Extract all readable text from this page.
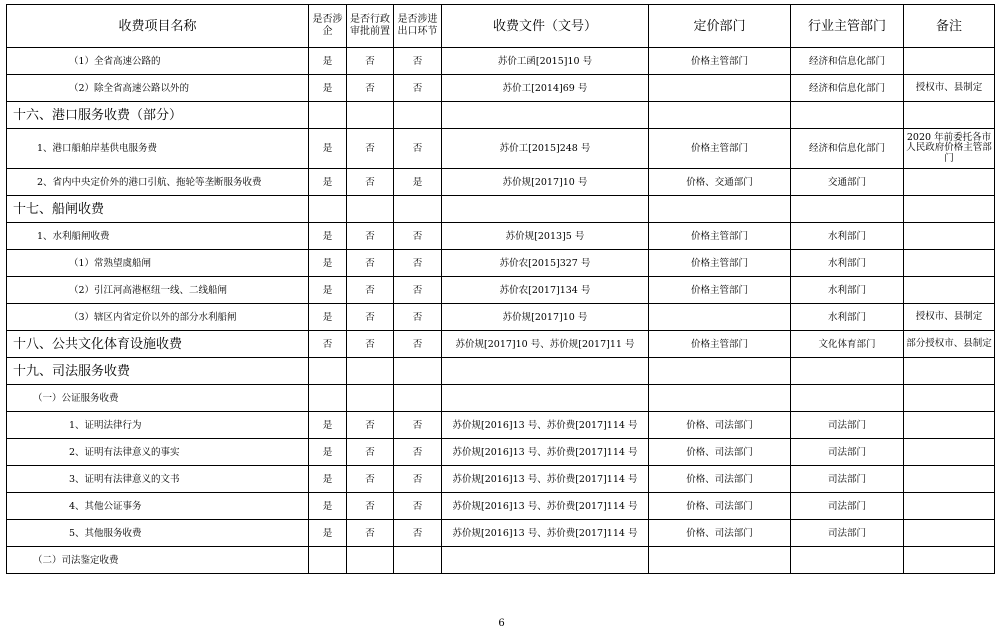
收费项目名称	是否涉企	是否行政审批前置	是否涉进出口环节	收费文件（文号）	定价部门	行业主管部门	备注
（1）全省高速公路的	是	否	否	苏价工函[2015]10 号	价格主管部门	经济和信息化部门	
（2）除全省高速公路以外的	是	否	否	苏价工[2014]69 号		经济和信息化部门	授权市、县制定
十六、港口服务收费（部分）							
1、港口船舶岸基供电服务费	是	否	否	苏价工[2015]248 号	价格主管部门	经济和信息化部门	2020 年前委托各市人民政府价格主管部门
2、省内中央定价外的港口引航、拖轮等垄断服务收费	是	否	是	苏价规[2017]10 号	价格、交通部门	交通部门	
十七、船闸收费							
1、水利船闸收费	是	否	否	苏价规[2013]5 号	价格主管部门	水利部门	
（1）常熟望虞船闸	是	否	否	苏价农[2015]327 号	价格主管部门	水利部门	
（2）引江河高港枢纽一线、二线船闸	是	否	否	苏价农[2017]134 号	价格主管部门	水利部门	
（3）辖区内省定价以外的部分水利船闸	是	否	否	苏价规[2017]10 号		水利部门	授权市、县制定
十八、公共文化体育设施收费	否	否	否	苏价规[2017]10 号、苏价规[2017]11 号	价格主管部门	文化体育部门	部分授权市、县制定
十九、司法服务收费							
（一）公证服务收费							
1、证明法律行为	是	否	否	苏价规[2016]13 号、苏价费[2017]114 号	价格、司法部门	司法部门	
2、证明有法律意义的事实	是	否	否	苏价规[2016]13 号、苏价费[2017]114 号	价格、司法部门	司法部门	
3、证明有法律意义的文书	是	否	否	苏价规[2016]13 号、苏价费[2017]114 号	价格、司法部门	司法部门	
4、其他公证事务	是	否	否	苏价规[2016]13 号、苏价费[2017]114 号	价格、司法部门	司法部门	
5、其他服务收费	是	否	否	苏价规[2016]13 号、苏价费[2017]114 号	价格、司法部门	司法部门	
（二）司法鉴定收费							
6
